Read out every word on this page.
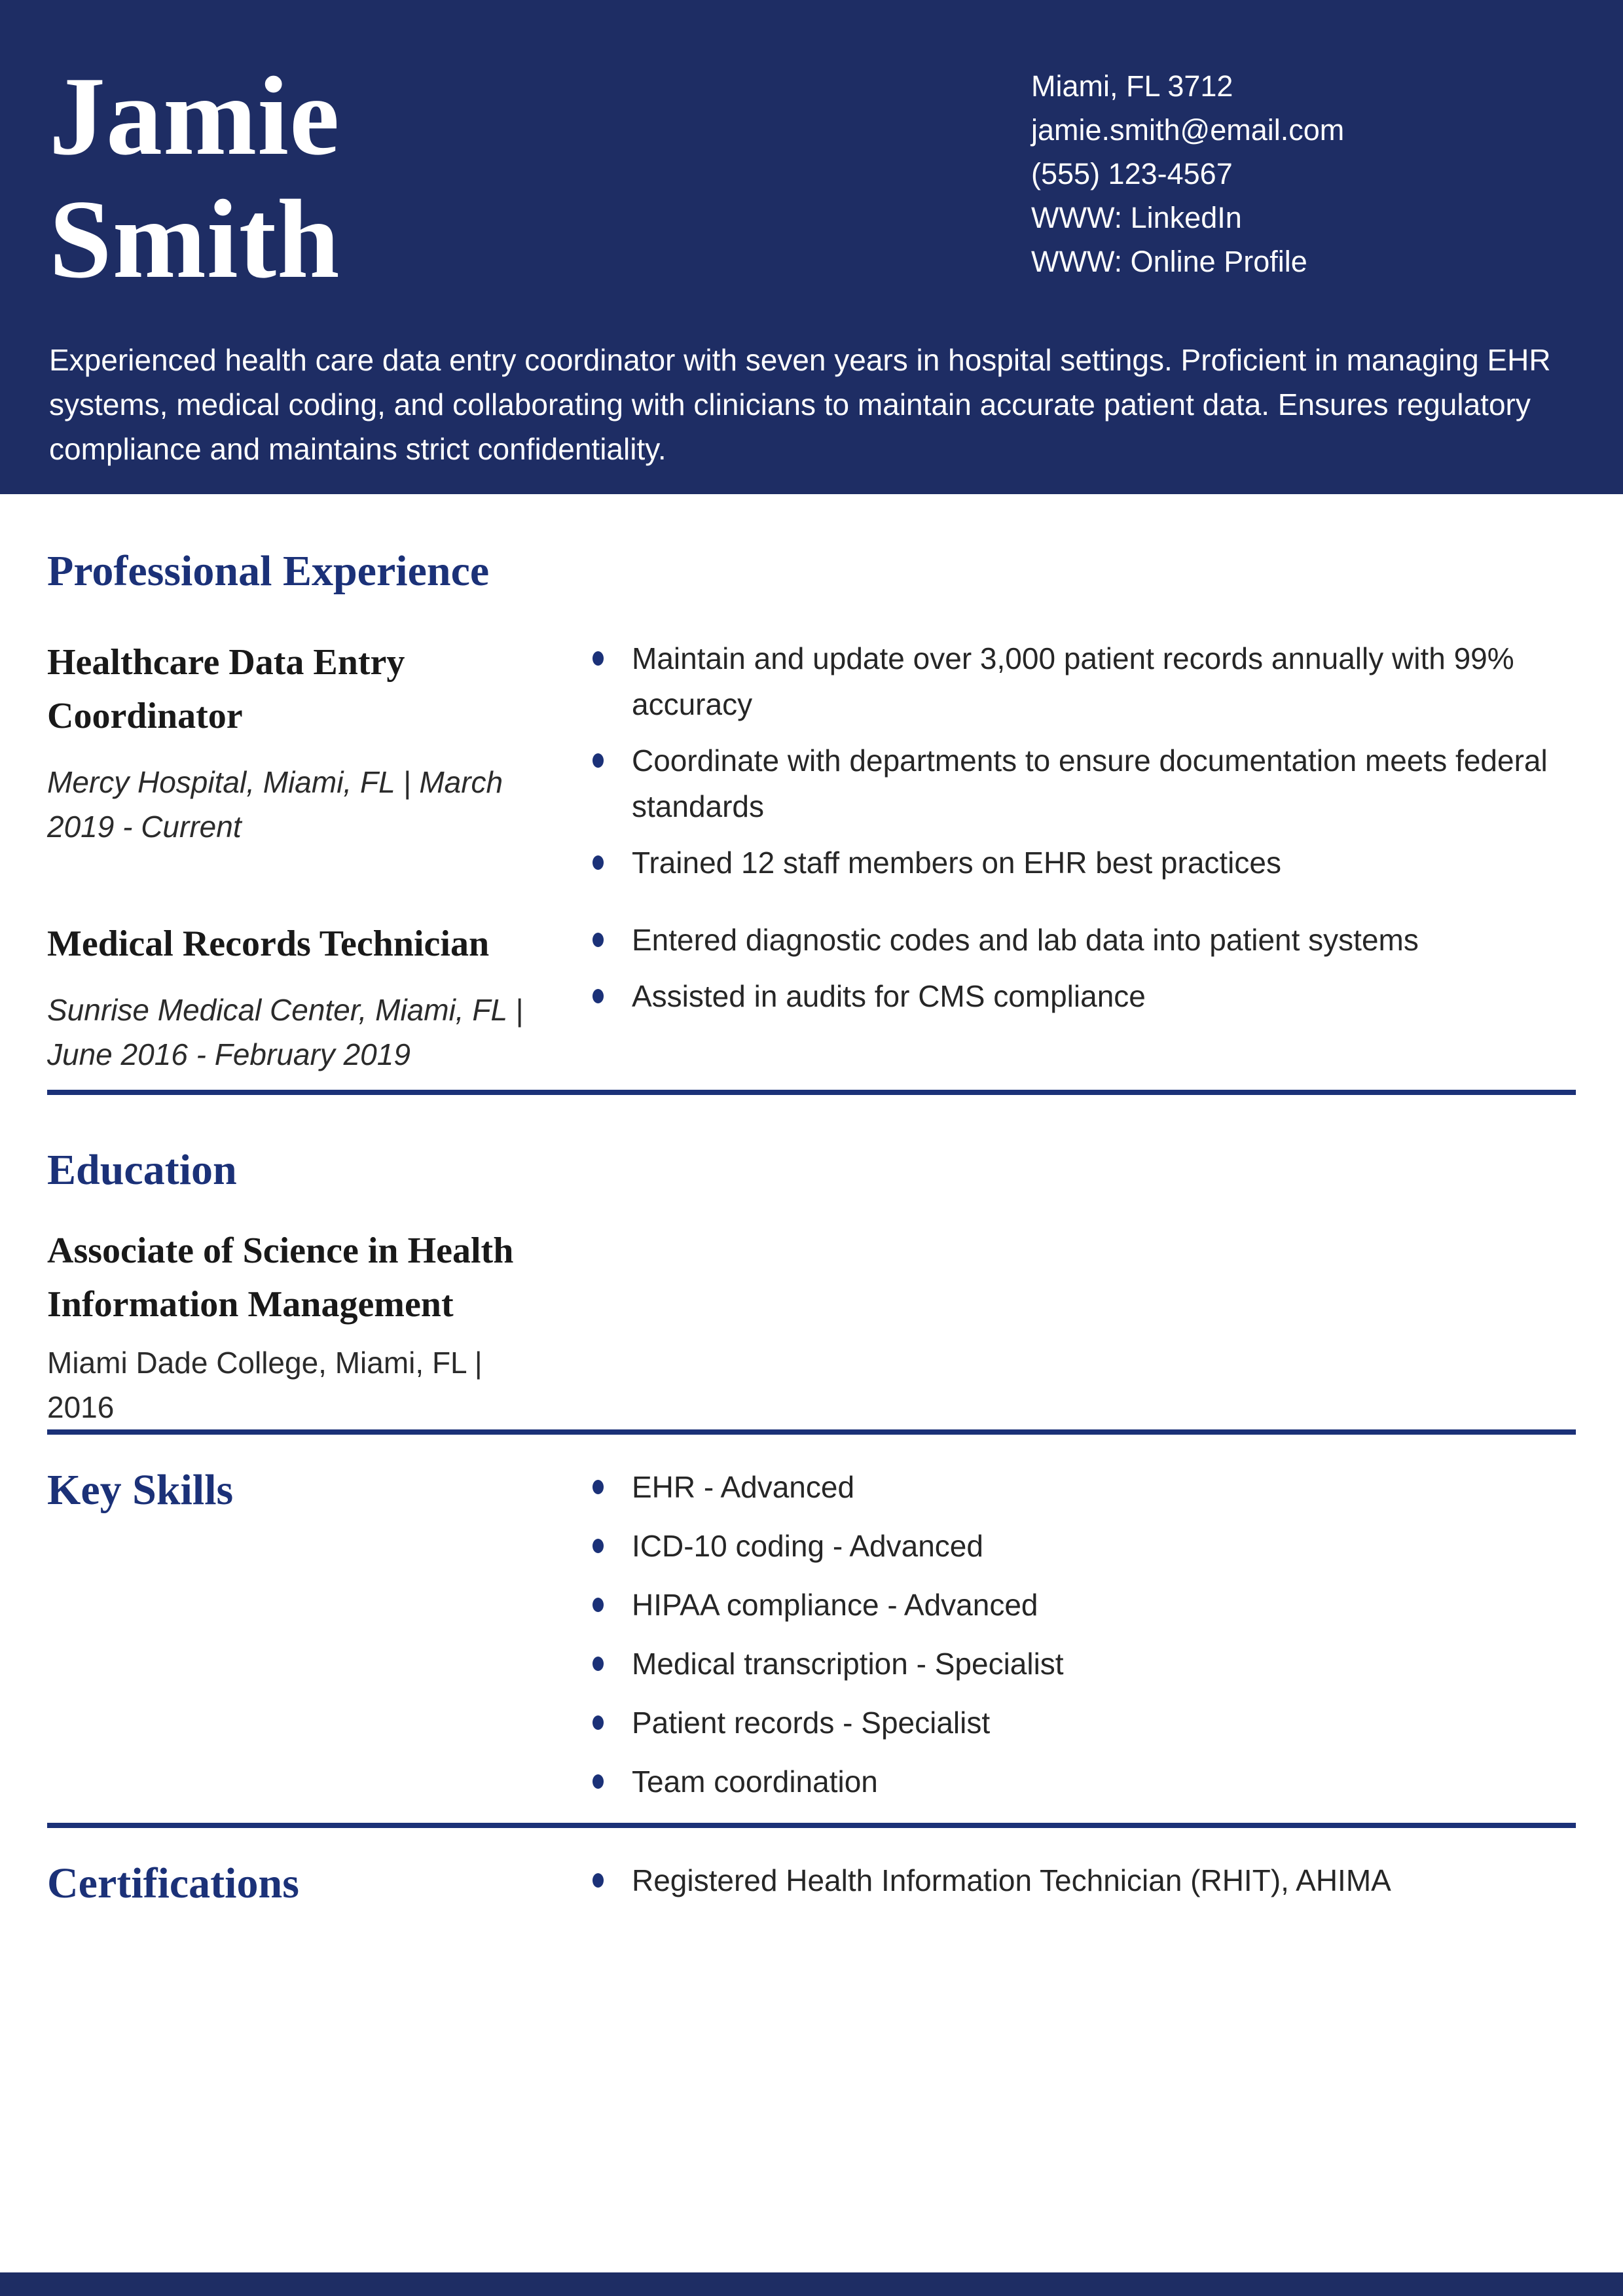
Jamie
Smith
Miami, FL 3712
jamie.smith@email.com
(555) 123-4567
WWW: LinkedIn
WWW: Online Profile

Experienced health care data entry coordinator with seven years in hospital settings. Proficient in managing EHR systems, medical coding, and collaborating with clinicians to maintain accurate patient data. Ensures regulatory compliance and maintains strict confidentiality.

Professional Experience
Healthcare Data Entry Coordinator

Mercy Hospital, Miami, FL | March 2019 - Current

Maintain and update over 3,000 patient records annually with 99% accuracy
Coordinate with departments to ensure documentation meets federal standards
Trained 12 staff members on EHR best practices
Medical Records Technician

Sunrise Medical Center, Miami, FL | June 2016 - February 2019

Entered diagnostic codes and lab data into patient systems
Assisted in audits for CMS compliance
Education
Associate of Science in Health Information Management

Miami Dade College, Miami, FL | 2016

Key Skills	EHR - Advanced
ICD-10 coding - Advanced
HIPAA compliance - Advanced
Medical transcription - Specialist
Patient records - Specialist
Team coordination
Certifications	Registered Health Information Technician (RHIT), AHIMA
